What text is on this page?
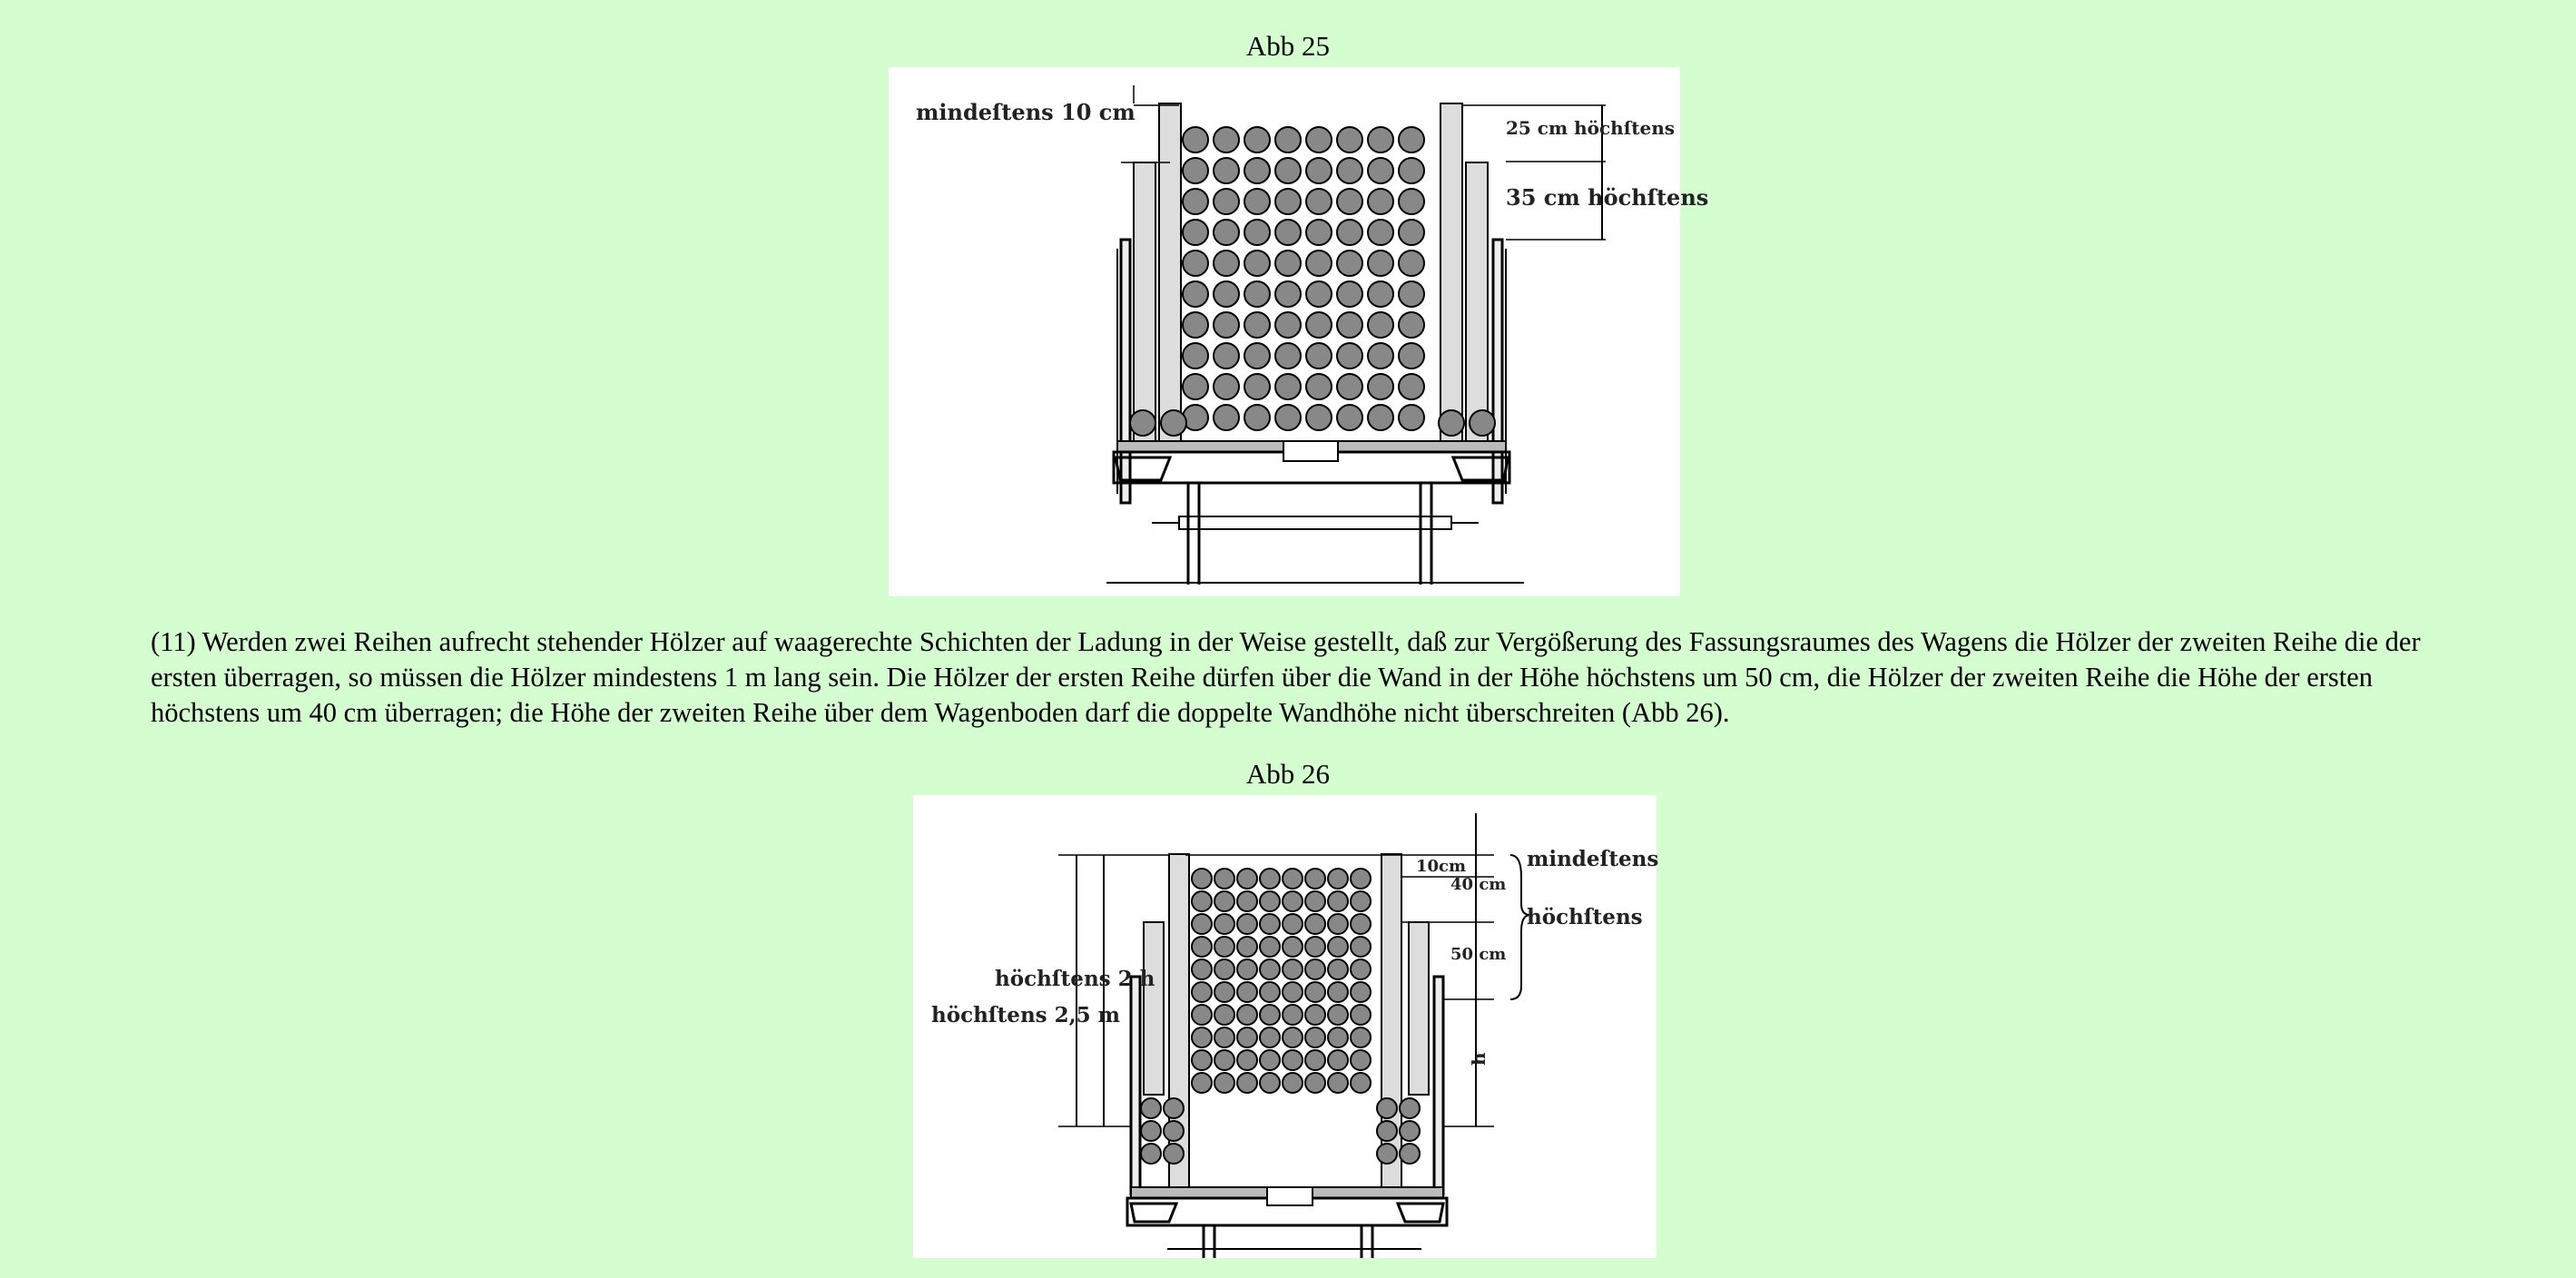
Abb 25
mindeſtens 10 cm
25 cm höchſtens
35 cm höchſtens

(11) Werden zwei Reihen aufrecht stehender Hölzer auf waagerechte Schichten der Ladung in der Weise gestellt, daß zur Vergößerung des Fassungsraumes des Wagens die Hölzer der zweiten Reihe die der ersten überragen, so müssen die Hölzer mindestens 1 m lang sein. Die Hölzer der ersten Reihe dürfen über die Wand in der Höhe höchstens um 50 cm, die Hölzer der zweiten Reihe die Höhe der ersten höchstens um 40 cm überragen; die Höhe der zweiten Reihe über dem Wagenboden darf die doppelte Wandhöhe nicht überschreiten (Abb 26).

Abb 26
10cm
40 cm
50 cm
mindeſtens
höchſtens
höchſtens 2 h
höchſtens 2,5 m
h
